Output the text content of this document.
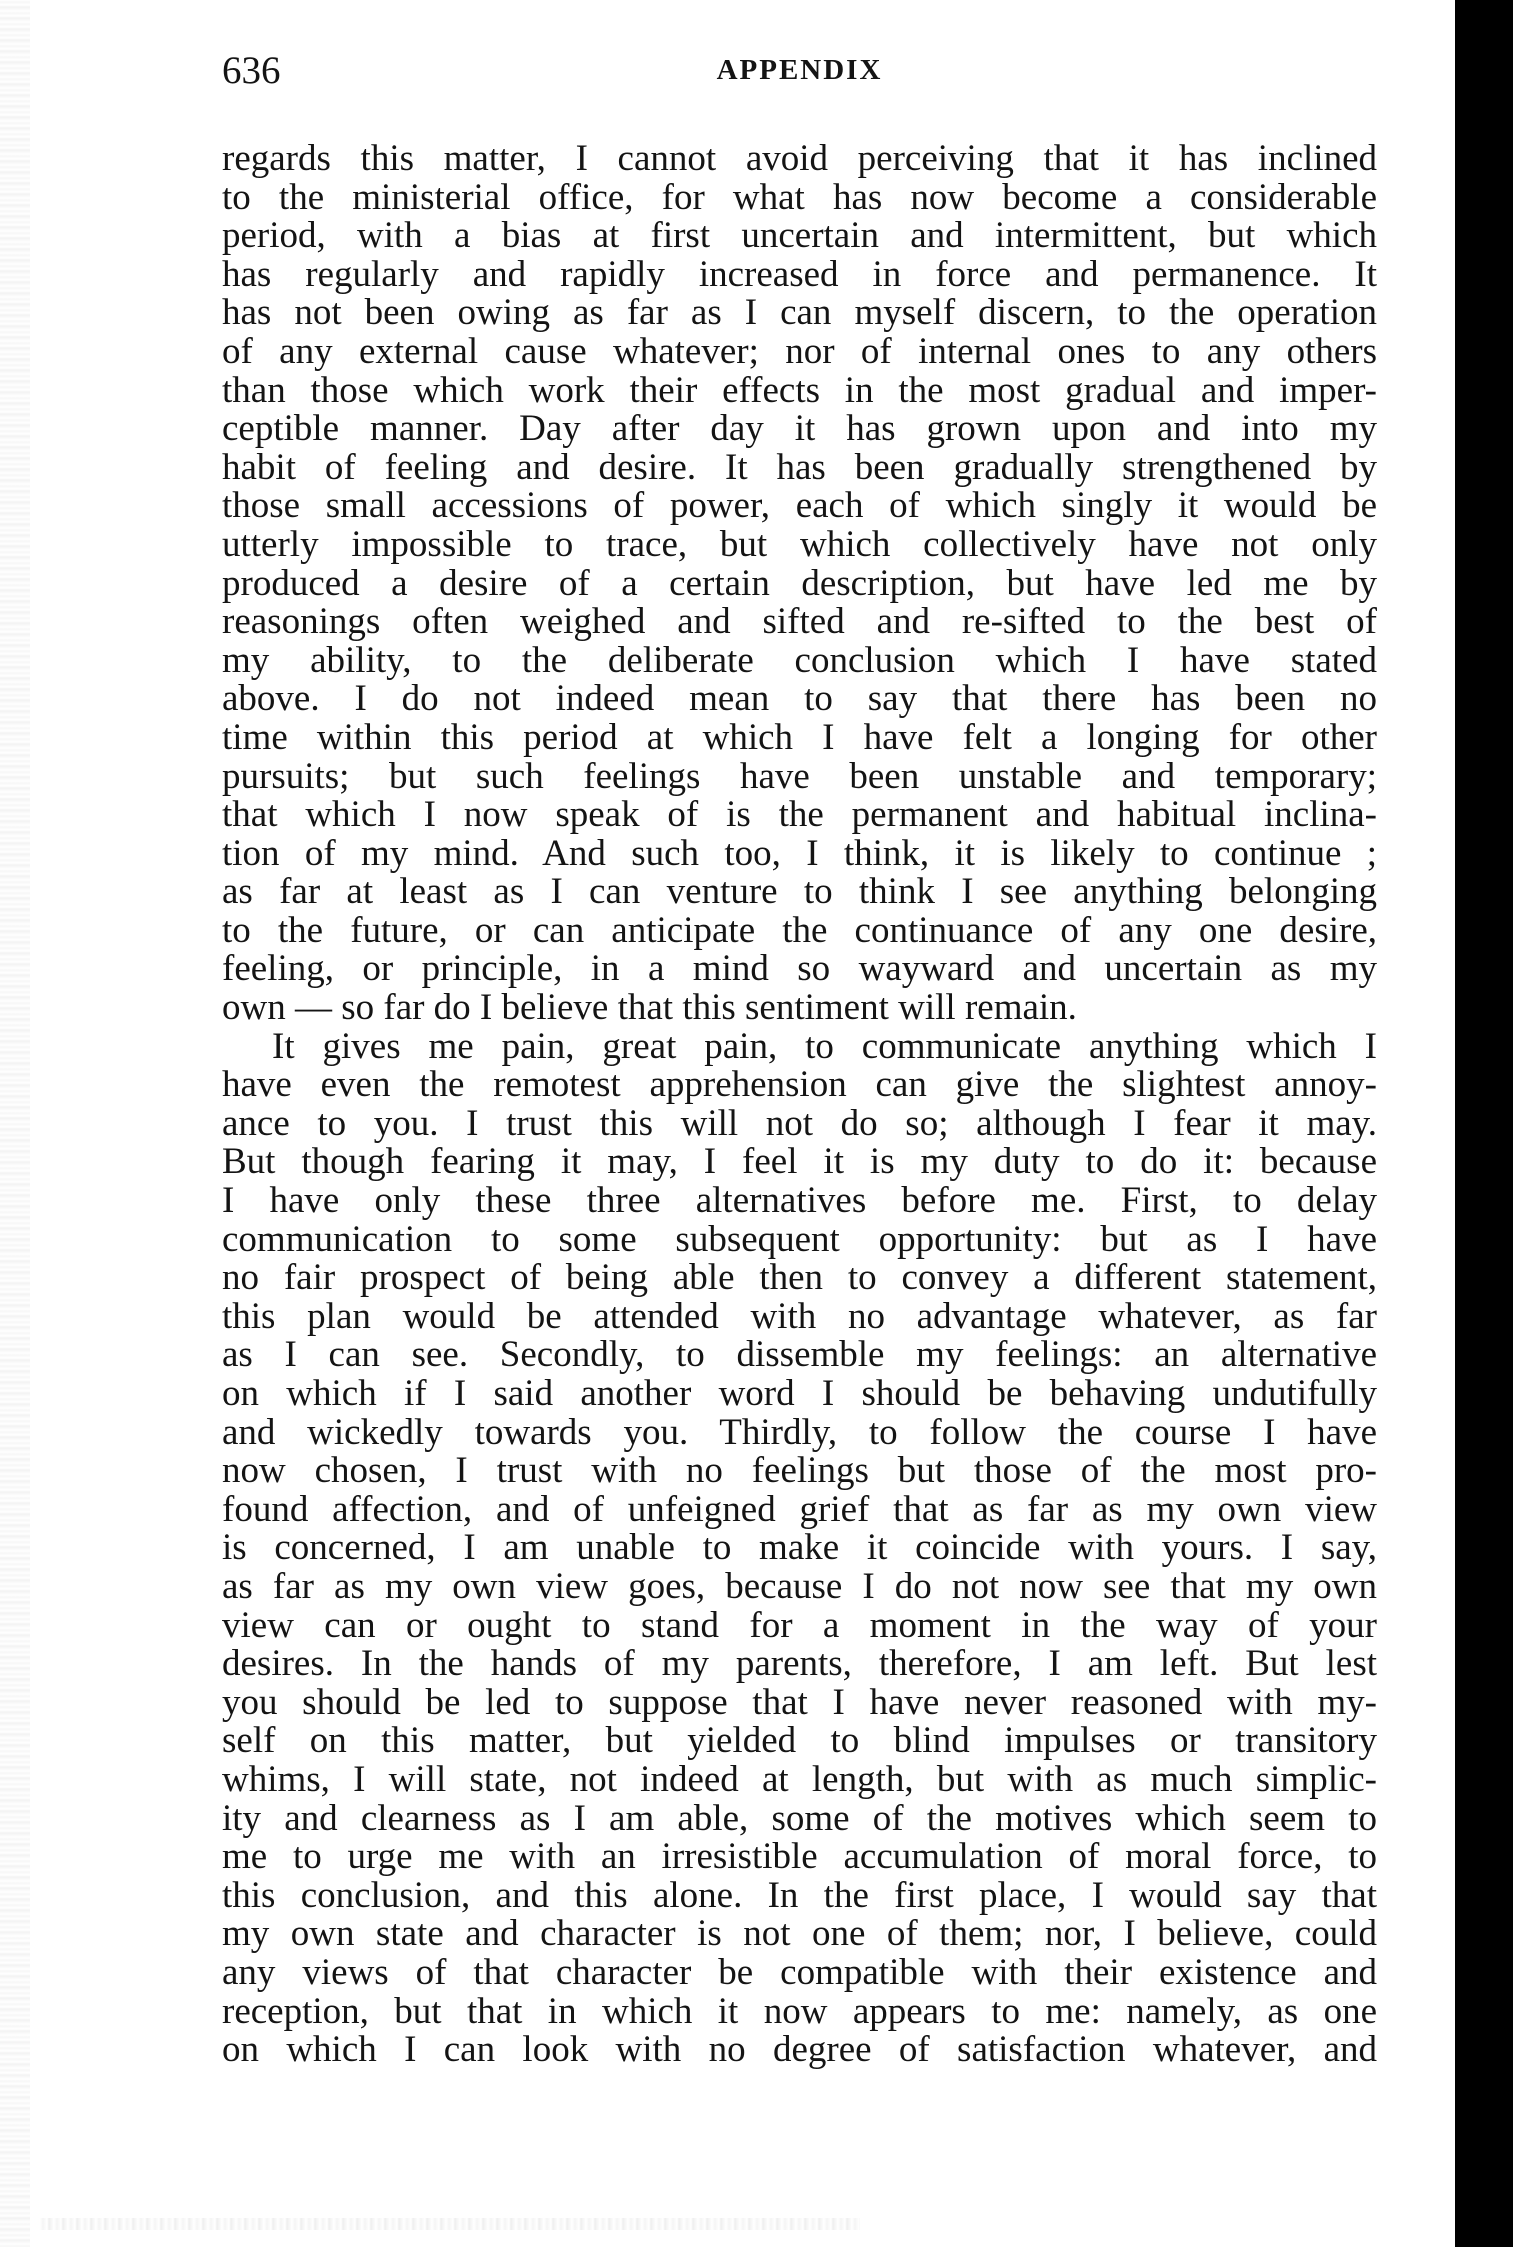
636	APPENDIX
regards this matter, I cannot avoid perceiving that it has inclined
to the ministerial office, for what has now become a considerable
period, with a bias at first uncertain and intermittent, but which
has regularly and rapidly increased in force and permanence. It
has not been owing as far as I can myself discern, to the operation
of any external cause whatever; nor of internal ones to any others
than those which work their effects in the most gradual and imper-
ceptible manner. Day after day it has grown upon and into my
habit of feeling and desire. It has been gradually strengthened by
those small accessions of power, each of which singly it would be
utterly impossible to trace, but which collectively have not only
produced a desire of a certain description, but have led me by
reasonings often weighed and sifted and re-sifted to the best of
my ability, to the deliberate conclusion which I have stated
above. I do not indeed mean to say that there has been no
time within this period at which I have felt a longing for other
pursuits; but such feelings have been unstable and temporary;
that which I now speak of is the permanent and habitual inclina-
tion of my mind. And such too, I think, it is likely to continue ;
as far at least as I can venture to think I see anything belonging
to the future, or can anticipate the continuance of any one desire,
feeling, or principle, in a mind so wayward and uncertain as my
own — so far do I believe that this sentiment will remain.
It gives me pain, great pain, to communicate anything which I
have even the remotest apprehension can give the slightest annoy-
ance to you. I trust this will not do so; although I fear it may.
But though fearing it may, I feel it is my duty to do it: because
I have only these three alternatives before me. First, to delay
communication to some subsequent opportunity: but as I have
no fair prospect of being able then to convey a different statement,
this plan would be attended with no advantage whatever, as far
as I can see. Secondly, to dissemble my feelings: an alternative
on which if I said another word I should be behaving undutifully
and wickedly towards you. Thirdly, to follow the course I have
now chosen, I trust with no feelings but those of the most pro-
found affection, and of unfeigned grief that as far as my own view
is concerned, I am unable to make it coincide with yours. I say,
as far as my own view goes, because I do not now see that my own
view can or ought to stand for a moment in the way of your
desires. In the hands of my parents, therefore, I am left. But lest
you should be led to suppose that I have never reasoned with my-
self on this matter, but yielded to blind impulses or transitory
whims, I will state, not indeed at length, but with as much simplic-
ity and clearness as I am able, some of the motives which seem to
me to urge me with an irresistible accumulation of moral force, to
this conclusion, and this alone. In the first place, I would say that
my own state and character is not one of them; nor, I believe, could
any views of that character be compatible with their existence and
reception, but that in which it now appears to me: namely, as one
on which I can look with no degree of satisfaction whatever, and
